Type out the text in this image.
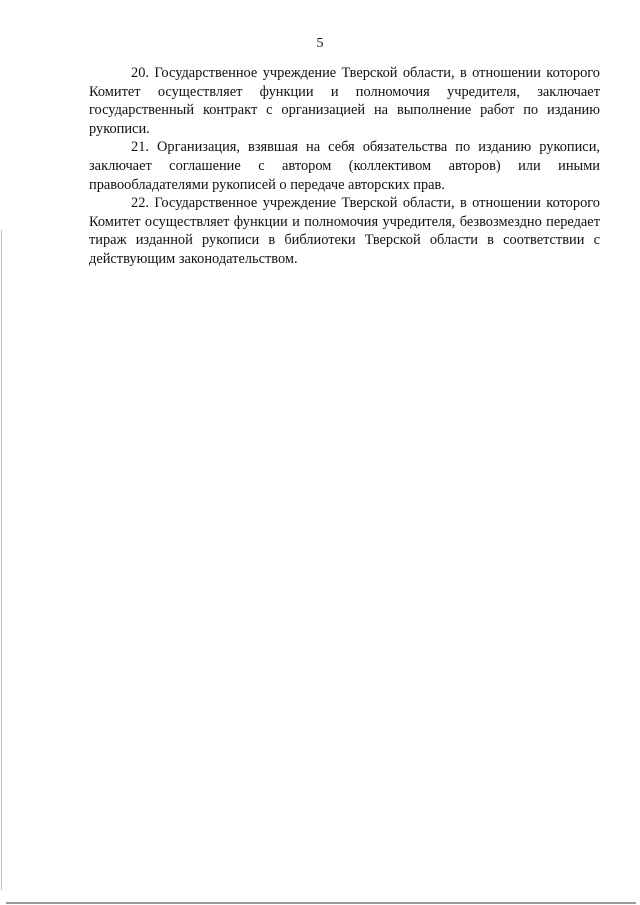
5

20. Государственное учреждение Тверской области, в отношении которого Комитет осуществляет функции и полномочия учредителя, заключает государственный контракт с организацией на выполнение работ по изданию рукописи.

21. Организация, взявшая на себя обязательства по изданию рукописи, заключает соглашение с автором (коллективом авторов) или иными правообладателями рукописей о передаче авторских прав.

22. Государственное учреждение Тверской области, в отношении которого Комитет осуществляет функции и полномочия учредителя, безвозмездно передает тираж изданной рукописи в библиотеки Тверской области в соответствии с действующим законодательством.
